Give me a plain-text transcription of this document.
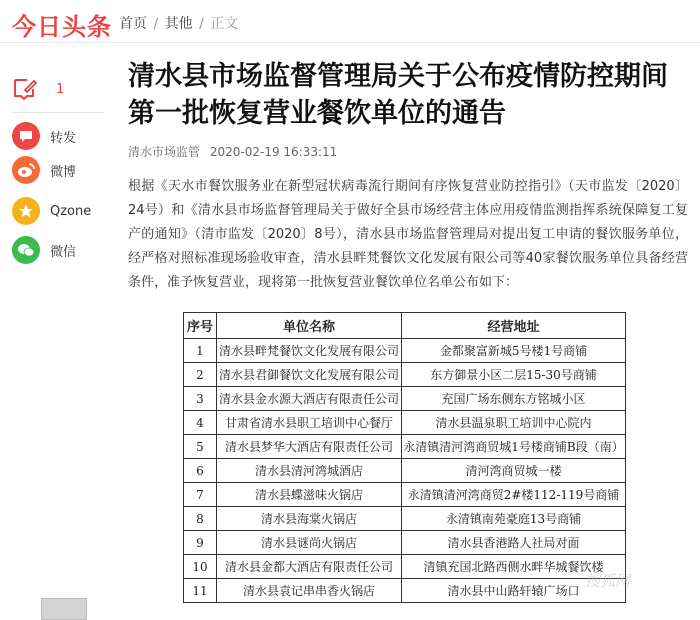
今日头条 首页 / 其他 / 正文
1
转发
微博
Qzone
微信
清水县市场监督管理局关于公布疫情防控期间第一批恢复营业餐饮单位的通告
清水市场监管 2020-02-19 16:33:11

根据《天水市餐饮服务业在新型冠状病毒流行期间有序恢复营业防控指引》（天市监发〔2020〕24号）和《清水县市场监督管理局关于做好全县市场经营主体应用疫情监测指挥系统保障复工复产的通知》（清市监发〔2020〕8号），清水县市场监督管理局对提出复工申请的餐饮服务单位，经严格对照标准现场验收审查，清水县畔梵餐饮文化发展有限公司等40家餐饮服务单位具备经营条件，准予恢复营业，现将第一批恢复营业餐饮单位名单公布如下：

序号	单位名称	经营地址
1	清水县畔梵餐饮文化发展有限公司	金都聚富新城5号楼1号商铺
2	清水县君御餐饮文化发展有限公司	东方御景小区二层15-30号商铺
3	清水县金水源大酒店有限责任公司	充国广场东侧东方铭城小区
4	甘肃省清水县职工培训中心餐厅	清水县温泉职工培训中心院内
5	清水县梦华大酒店有限责任公司	永清镇清河湾商贸城1号楼商铺B段（南）
6	清水县清河湾城酒店	清河湾商贸城一楼
7	清水县蝶滋味火锅店	永清镇清河湾商贸2#楼112-119号商铺
8	清水县海棠火锅店	永清镇南苑豪庭13号商铺
9	清水县谜尚火锅店	清水县香港路人社局对面
10	清水县金都大酒店有限责任公司	清镇充国北路西侧水畔华城餐饮楼
11	清水县袁记串串香火锅店	清水县中山路轩辕广场口
搜狐网
